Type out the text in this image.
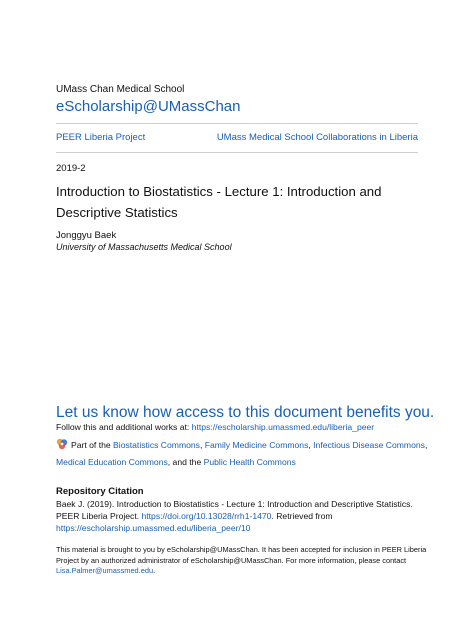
UMass Chan Medical School
eScholarship@UMassChan
PEER Liberia Project	UMass Medical School Collaborations in Liberia
2019-2
Introduction to Biostatistics - Lecture 1: Introduction and Descriptive Statistics
Jonggyu Baek
University of Massachusetts Medical School
Let us know how access to this document benefits you.
Follow this and additional works at: https://escholarship.umassmed.edu/liberia_peer
Part of the Biostatistics Commons, Family Medicine Commons, Infectious Disease Commons, Medical Education Commons, and the Public Health Commons
Repository Citation
Baek J. (2019). Introduction to Biostatistics - Lecture 1: Introduction and Descriptive Statistics. PEER Liberia Project. https://doi.org/10.13028/rrh1-1470. Retrieved from https://escholarship.umassmed.edu/liberia_peer/10
This material is brought to you by eScholarship@UMassChan. It has been accepted for inclusion in PEER Liberia Project by an authorized administrator of eScholarship@UMassChan. For more information, please contact Lisa.Palmer@umassmed.edu.
